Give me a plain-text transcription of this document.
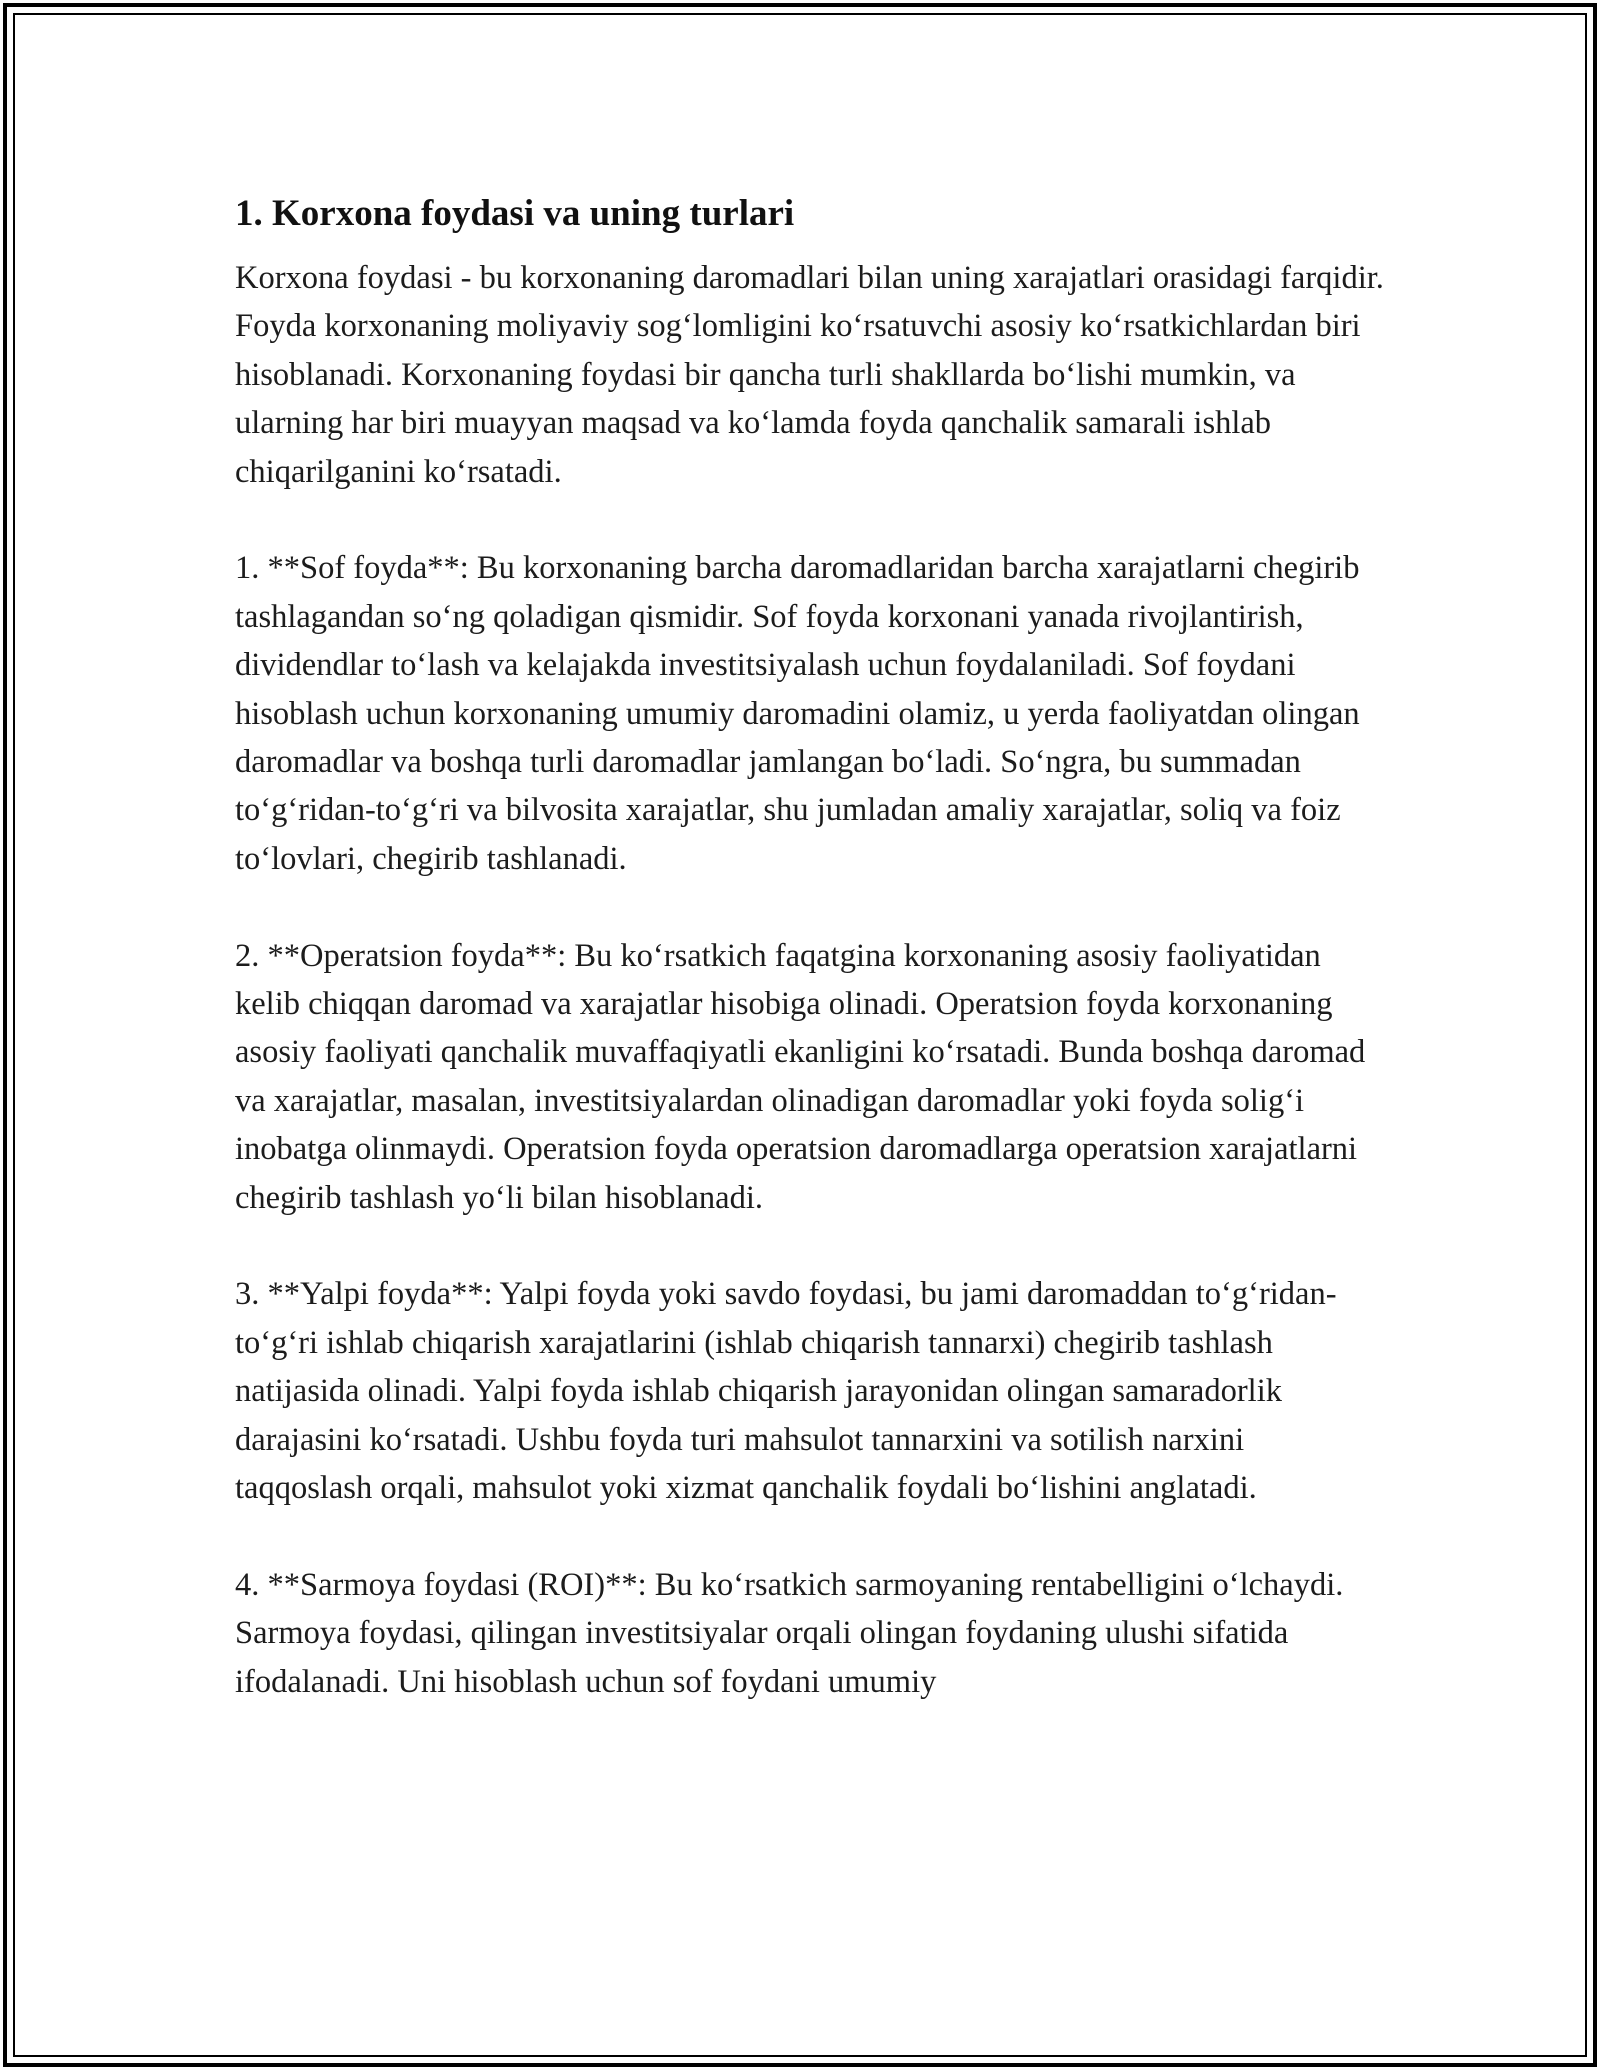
1. Korxona foydasi va uning turlari

Korxona foydasi - bu korxonaning daromadlari bilan uning xarajatlari orasidagi farqidir. Foyda korxonaning moliyaviy sog‘lomligini ko‘rsatuvchi asosiy ko‘rsatkichlardan biri hisoblanadi. Korxonaning foydasi bir qancha turli shakllarda bo‘lishi mumkin, va ularning har biri muayyan maqsad va ko‘lamda foyda qanchalik samarali ishlab chiqarilganini ko‘rsatadi.

1. **Sof foyda**: Bu korxonaning barcha daromadlaridan barcha xarajatlarni chegirib tashlagandan so‘ng qoladigan qismidir. Sof foyda korxonani yanada rivojlantirish, dividendlar to‘lash va kelajakda investitsiyalash uchun foydalaniladi. Sof foydani hisoblash uchun korxonaning umumiy daromadini olamiz, u yerda faoliyatdan olingan daromadlar va boshqa turli daromadlar jamlangan bo‘ladi. So‘ngra, bu summadan to‘g‘ridan-to‘g‘ri va bilvosita xarajatlar, shu jumladan amaliy xarajatlar, soliq va foiz to‘lovlari, chegirib tashlanadi.

2. **Operatsion foyda**: Bu ko‘rsatkich faqatgina korxonaning asosiy faoliyatidan kelib chiqqan daromad va xarajatlar hisobiga olinadi. Operatsion foyda korxonaning asosiy faoliyati qanchalik muvaffaqiyatli ekanligini ko‘rsatadi. Bunda boshqa daromad va xarajatlar, masalan, investitsiyalardan olinadigan daromadlar yoki foyda solig‘i inobatga olinmaydi. Operatsion foyda operatsion daromadlarga operatsion xarajatlarni chegirib tashlash yo‘li bilan hisoblanadi.

3. **Yalpi foyda**: Yalpi foyda yoki savdo foydasi, bu jami daromaddan to‘g‘ridan-to‘g‘ri ishlab chiqarish xarajatlarini (ishlab chiqarish tannarxi) chegirib tashlash natijasida olinadi. Yalpi foyda ishlab chiqarish jarayonidan olingan samaradorlik darajasini ko‘rsatadi. Ushbu foyda turi mahsulot tannarxini va sotilish narxini taqqoslash orqali, mahsulot yoki xizmat qanchalik foydali bo‘lishini anglatadi.

4. **Sarmoya foydasi (ROI)**: Bu ko‘rsatkich sarmoyaning rentabelligini o‘lchaydi. Sarmoya foydasi, qilingan investitsiyalar orqali olingan foydaning ulushi sifatida ifodalanadi. Uni hisoblash uchun sof foydani umumiy
